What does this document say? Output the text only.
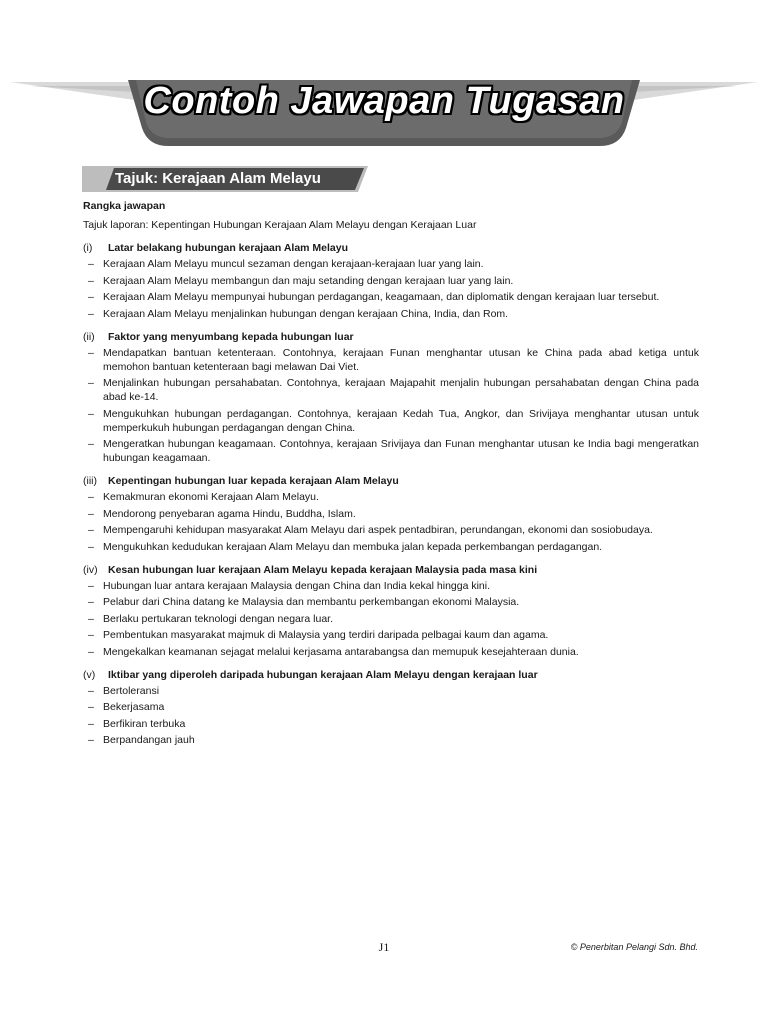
Contoh Jawapan Tugasan
Tajuk: Kerajaan Alam Melayu
Rangka jawapan
Tajuk laporan: Kepentingan Hubungan Kerajaan Alam Melayu dengan Kerajaan Luar
(i)	Latar belakang hubungan kerajaan Alam Melayu
– Kerajaan Alam Melayu muncul sezaman dengan kerajaan-kerajaan luar yang lain.
– Kerajaan Alam Melayu membangun dan maju setanding dengan kerajaan luar yang lain.
– Kerajaan Alam Melayu mempunyai hubungan perdagangan, keagamaan, dan diplomatik dengan kerajaan luar tersebut.
– Kerajaan Alam Melayu menjalinkan hubungan dengan kerajaan China, India, dan Rom.
(ii)	Faktor yang menyumbang kepada hubungan luar
– Mendapatkan bantuan ketenteraan. Contohnya, kerajaan Funan menghantar utusan ke China pada abad ketiga untuk memohon bantuan ketenteraan bagi melawan Dai Viet.
– Menjalinkan hubungan persahabatan. Contohnya, kerajaan Majapahit menjalin hubungan persahabatan dengan China pada abad ke-14.
– Mengukuhkan hubungan perdagangan. Contohnya, kerajaan Kedah Tua, Angkor, dan Srivijaya menghantar utusan untuk memperkukuh hubungan perdagangan dengan China.
– Mengeratkan hubungan keagamaan. Contohnya, kerajaan Srivijaya dan Funan menghantar utusan ke India bagi mengeratkan hubungan keagamaan.
(iii)	Kepentingan hubungan luar kepada kerajaan Alam Melayu
– Kemakmuran ekonomi Kerajaan Alam Melayu.
– Mendorong penyebaran agama Hindu, Buddha, Islam.
– Mempengaruhi kehidupan masyarakat Alam Melayu dari aspek pentadbiran, perundangan, ekonomi dan sosiobudaya.
– Mengukuhkan kedudukan kerajaan Alam Melayu dan membuka jalan kepada perkembangan perdagangan.
(iv) Kesan hubungan luar kerajaan Alam Melayu kepada kerajaan Malaysia pada masa kini
– Hubungan luar antara kerajaan Malaysia dengan China dan India kekal hingga kini.
– Pelabur dari China datang ke Malaysia dan membantu perkembangan ekonomi Malaysia.
– Berlaku pertukaran teknologi dengan negara luar.
– Pembentukan masyarakat majmuk di Malaysia yang terdiri daripada pelbagai kaum dan agama.
– Mengekalkan keamanan sejagat melalui kerjasama antarabangsa dan memupuk kesejahteraan dunia.
(v)	Iktibar yang diperoleh daripada hubungan kerajaan Alam Melayu dengan kerajaan luar
– Bertoleransi
– Bekerjasama
– Berfikiran terbuka
– Berpandangan jauh
J1	© Penerbitan Pelangi Sdn. Bhd.
